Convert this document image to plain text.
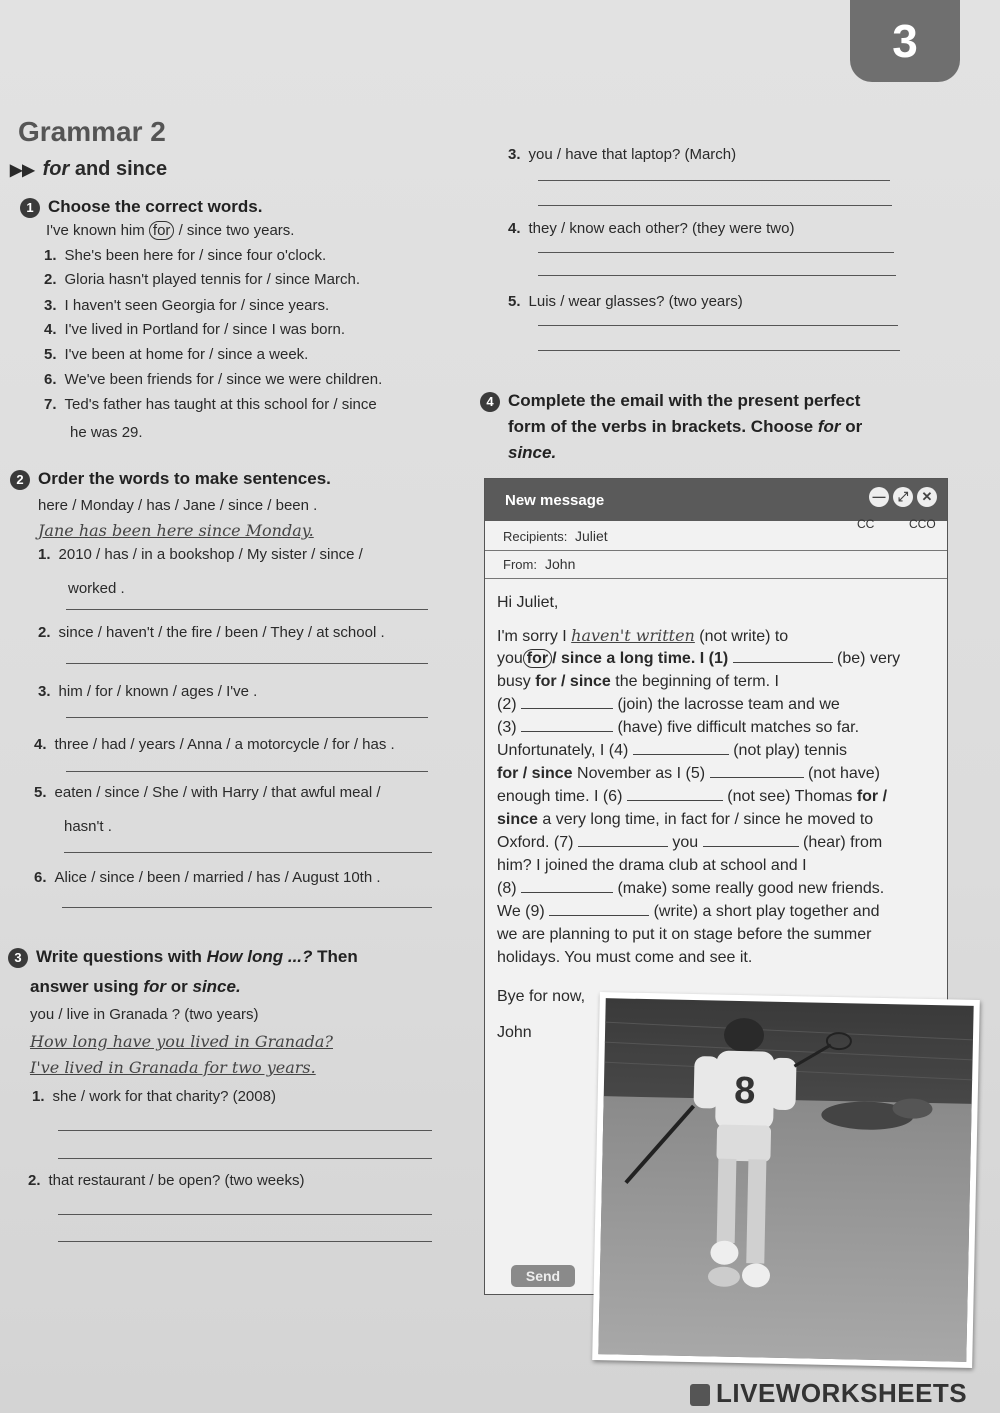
3
Grammar 2
▶▶ for and since
1 Choose the correct words.
I've known him for / since two years.
1. She's been here for / since four o'clock.
2. Gloria hasn't played tennis for / since March.
3. I haven't seen Georgia for / since years.
4. I've lived in Portland for / since I was born.
5. I've been at home for / since a week.
6. We've been friends for / since we were children.
7. Ted's father has taught at this school for / since
he was 29.
2 Order the words to make sentences.
here / Monday / has / Jane / since / been .
Jane has been here since Monday.
1. 2010 / has / in a bookshop / My sister / since /
worked .
2. since / haven't / the fire / been / They / at school .
3. him / for / known / ages / I've .
4. three / had / years / Anna / a motorcycle / for / has .
5. eaten / since / She / with Harry / that awful meal /
hasn't .
6. Alice / since / been / married / has / August 10th .
3 Write questions with How long ...? Then
answer using for or since.
you / live in Granada ? (two years)
How long have you lived in Granada?
I've lived in Granada for two years.
1. she / work for that charity? (2008)
2. that restaurant / be open? (two weeks)
3. you / have that laptop? (March)
4. they / know each other? (they were two)
5. Luis / wear glasses? (two years)
4 Complete the email with the present perfect
form of the verbs in brackets. Choose for or
since.
New message	— ⤢ ✕
CC	CCO
Recipients: Juliet
From: John
Hi Juliet,
I'm sorry I haven't written (not write) to
you for / since a long time. I (1)	(be) very
busy for / since the beginning of term. I
(2)	(join) the lacrosse team and we
(3)	(have) five difficult matches so far.
Unfortunately, I (4)	(not play) tennis
for / since November as I (5)	(not have)
enough time. I (6)	(not see) Thomas for /
since a very long time, in fact for / since he moved to
Oxford. (7)	you	(hear) from
him? I joined the drama club at school and I
(8)	(make) some really good new friends.
We (9)	(write) a short play together and
we are planning to put it on stage before the summer
holidays. You must come and see it.
Bye for now,
John
Send
8
LIVEWORKSHEETS
